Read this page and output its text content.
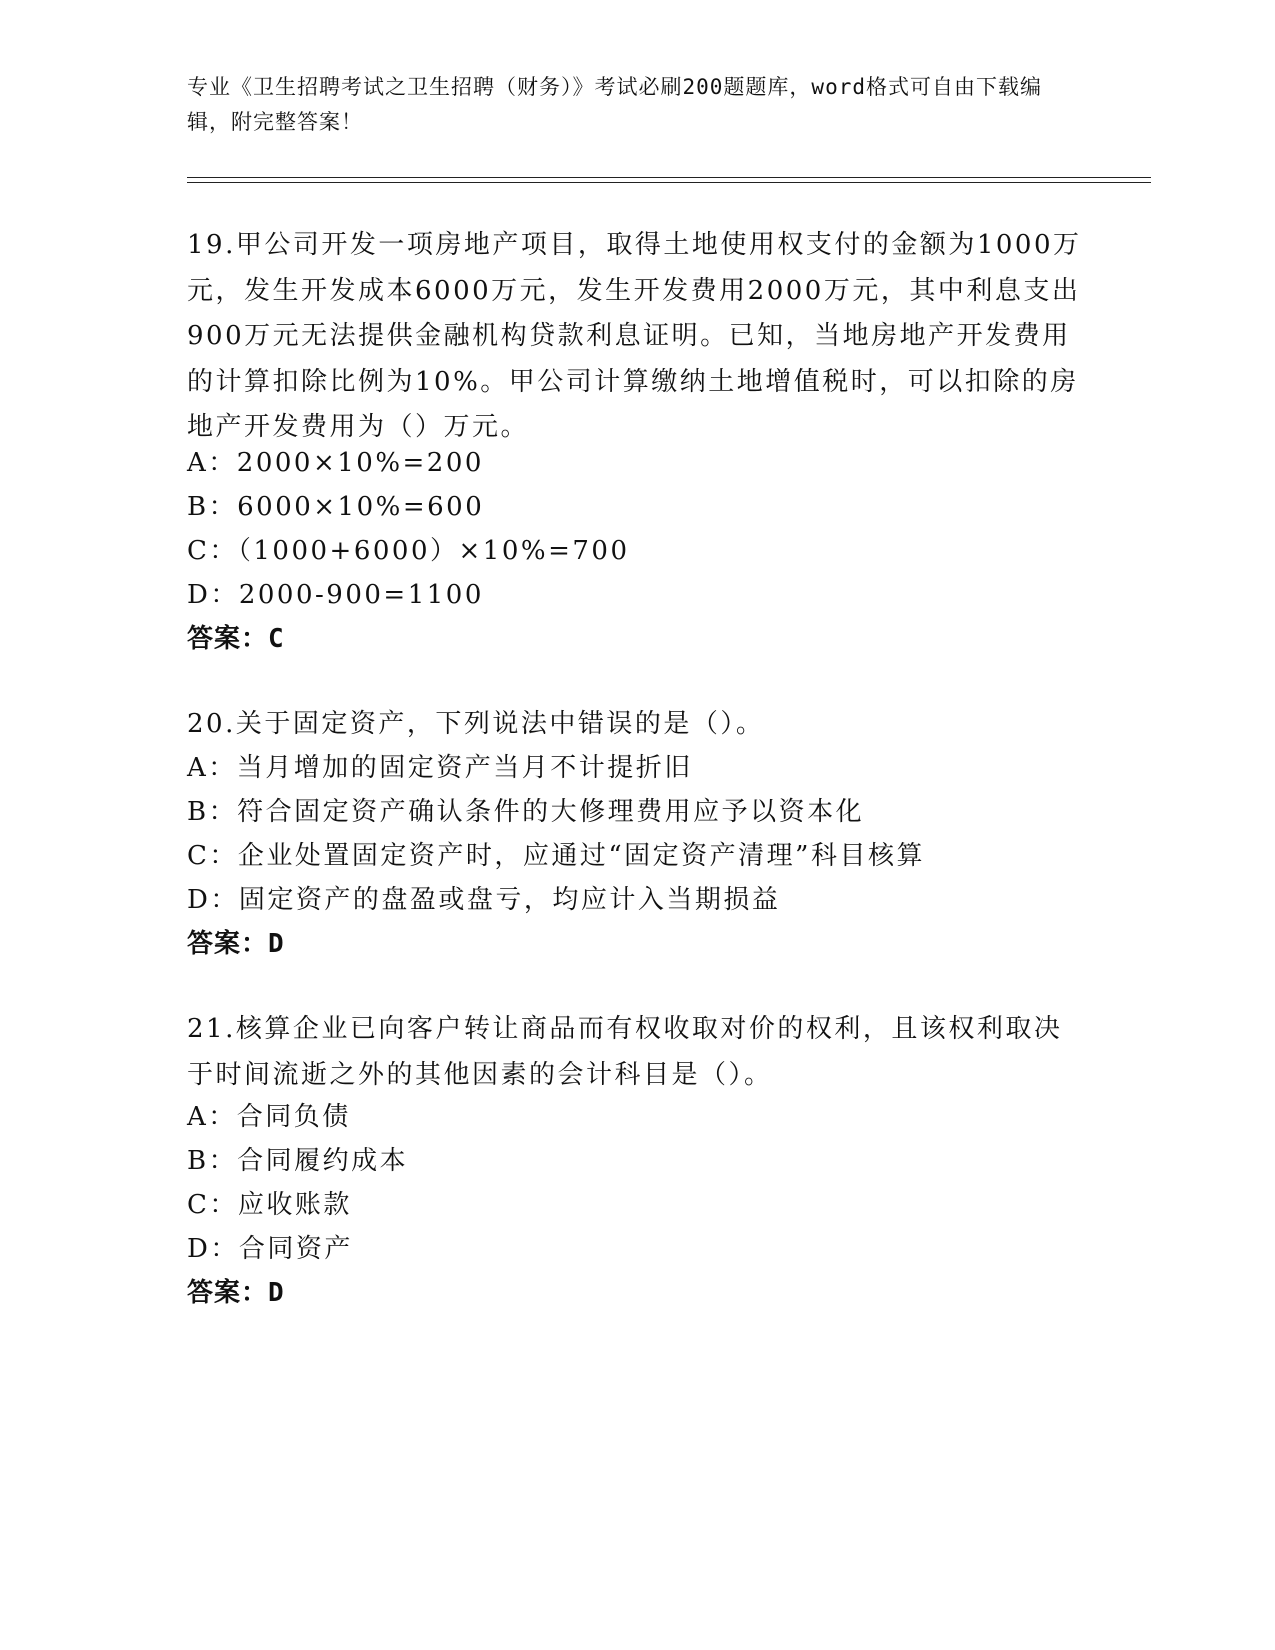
专业《卫生招聘考试之卫生招聘（财务）》考试必刷200题题库，word格式可自由下载编辑，附完整答案！

19.甲公司开发一项房地产项目，取得土地使用权支付的金额为1000万元，发生开发成本6000万元，发生开发费用2000万元，其中利息支出900万元无法提供金融机构贷款利息证明。已知，当地房地产开发费用的计算扣除比例为10%。甲公司计算缴纳土地增值税时，可以扣除的房地产开发费用为（）万元。

A：2000×10%=200

B：6000×10%=600

C：（1000+6000）×10%=700

D：2000-900=1100

答案：C

20.关于固定资产，下列说法中错误的是（）。

A：当月增加的固定资产当月不计提折旧

B：符合固定资产确认条件的大修理费用应予以资本化

C：企业处置固定资产时，应通过“固定资产清理”科目核算

D：固定资产的盘盈或盘亏，均应计入当期损益

答案：D

21.核算企业已向客户转让商品而有权收取对价的权利，且该权利取决于时间流逝之外的其他因素的会计科目是（）。

A：合同负债

B：合同履约成本

C：应收账款

D：合同资产

答案：D
